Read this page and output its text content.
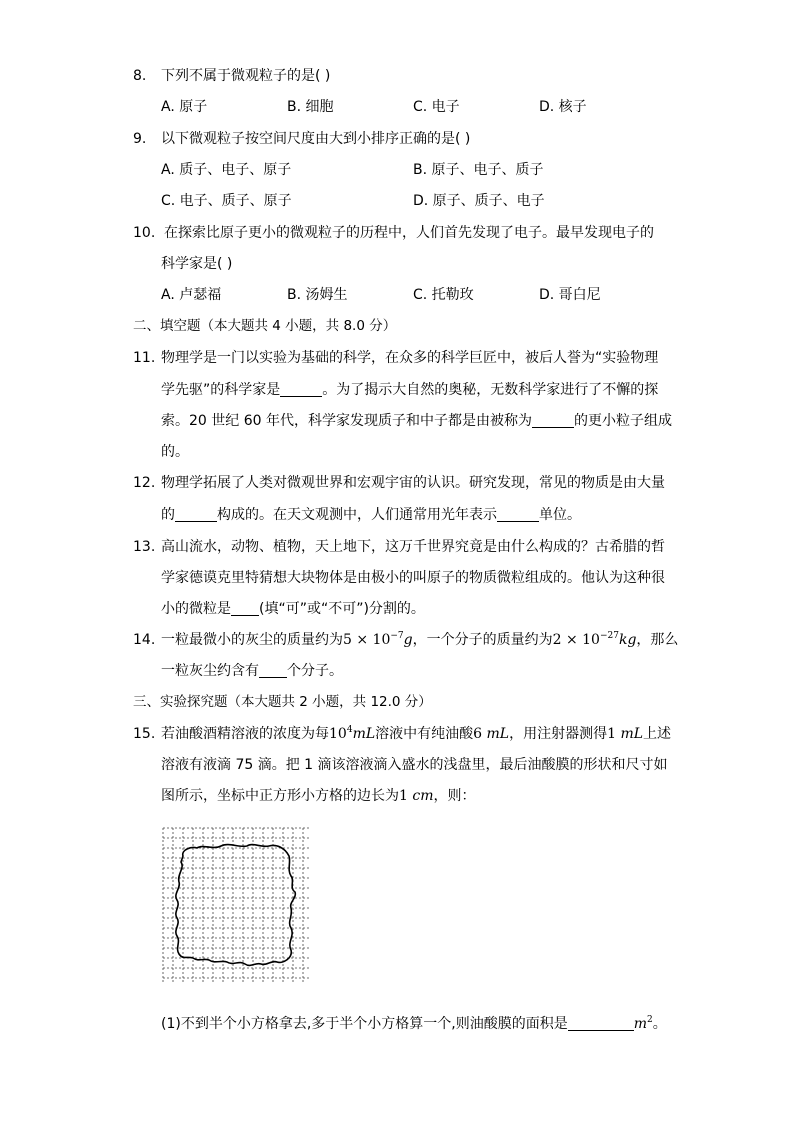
8. 下列不属于微观粒子的是( )
A. 原子	B. 细胞	C. 电子	D. 核子
9. 以下微观粒子按空间尺度由大到小排序正确的是( )
A. 质子、电子、原子	B. 原子、电子、质子
C. 电子、质子、原子	D. 原子、质子、电子
10. 在探索比原子更小的微观粒子的历程中，人们首先发现了电子。最早发现电子的
科学家是( )
A. 卢瑟福	B. 汤姆生	C. 托勒玫	D. 哥白尼
二、填空题（本大题共 4 小题，共 8.0 分）
11. 物理学是一门以实验为基础的科学，在众多的科学巨匠中，被后人誉为“实验物理
学先驱”的科学家是	。为了揭示大自然的奥秘，无数科学家进行了不懈的探
索。20 世纪 60 年代，科学家发现质子和中子都是由被称为	的更小粒子组成
的。
12. 物理学拓展了人类对微观世界和宏观宇宙的认识。研究发现，常见的物质是由大量
的	构成的。在天文观测中，人们通常用光年表示	单位。
13. 高山流水，动物、植物，天上地下，这万千世界究竟是由什么构成的？古希腊的哲
学家德谟克里特猜想大块物体是由极小的叫原子的物质微粒组成的。他认为这种很
小的微粒是 (填“可”或“不可”)分割的。
14. 一粒最微小的灰尘的质量约为$5 \times 10^{-7}g$，一个分子的质量约为$2 \times 10^{-27}kg$，那么
一粒灰尘约含有 个分子。
三、实验探究题（本大题共 2 小题，共 12.0 分）
15. 若油酸酒精溶液的浓度为每$10^4mL$溶液中有纯油酸6 mL，用注射器测得1 mL上述
溶液有液滴 75 滴。把 1 滴该溶液滴入盛水的浅盘里，最后油酸膜的形状和尺寸如
图所示，坐标中正方形小方格的边长为1 cm，则：
(1)不到半个小方格拿去,多于半个小方格算一个,则油酸膜的面积是	$m^2$。
